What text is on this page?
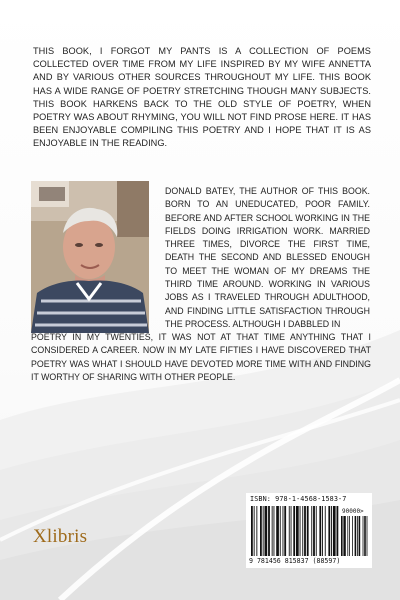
THIS BOOK, I FORGOT MY PANTS IS A COLLECTION OF POEMS COLLECTED OVER TIME FROM MY LIFE INSPIRED BY MY WIFE ANNETTA AND BY VARIOUS OTHER SOURCES THROUGHOUT MY LIFE. THIS BOOK HAS A WIDE RANGE OF POETRY STRETCHING THOUGH MANY SUBJECTS. THIS BOOK HARKENS BACK TO THE OLD STYLE OF POETRY, WHEN POETRY WAS ABOUT RHYMING, YOU WILL NOT FIND PROSE HERE. IT HAS BEEN ENJOYABLE COMPILING THIS POETRY AND I HOPE THAT IT IS AS ENJOYABLE IN THE READING.
DONALD BATEY, THE AUTHOR OF THIS BOOK. BORN TO AN UNEDUCATED, POOR FAMILY. BEFORE AND AFTER SCHOOL WORKING IN THE FIELDS DOING IRRIGATION WORK. MARRIED THREE TIMES, DIVORCE THE FIRST TIME, DEATH THE SECOND AND BLESSED ENOUGH TO MEET THE WOMAN OF MY DREAMS THE THIRD TIME AROUND. WORKING IN VARIOUS JOBS AS I TRAVELED THROUGH ADULTHOOD, AND FINDING LITTLE SATISFACTION THROUGH THE PROCESS. ALTHOUGH I DABBLED IN
POETRY IN MY TWENTIES, IT WAS NOT AT THAT TIME ANYTHING THAT I CONSIDERED A CAREER. NOW IN MY LATE FIFTIES I HAVE DISCOVERED THAT POETRY WAS WHAT I SHOULD HAVE DEVOTED MORE TIME WITH AND FINDING IT WORTHY OF SHARING WITH OTHER PEOPLE.
Xlibris
ISBN: 978-1-4568-1583-7
90000>
9 781456 815837 (88597)
